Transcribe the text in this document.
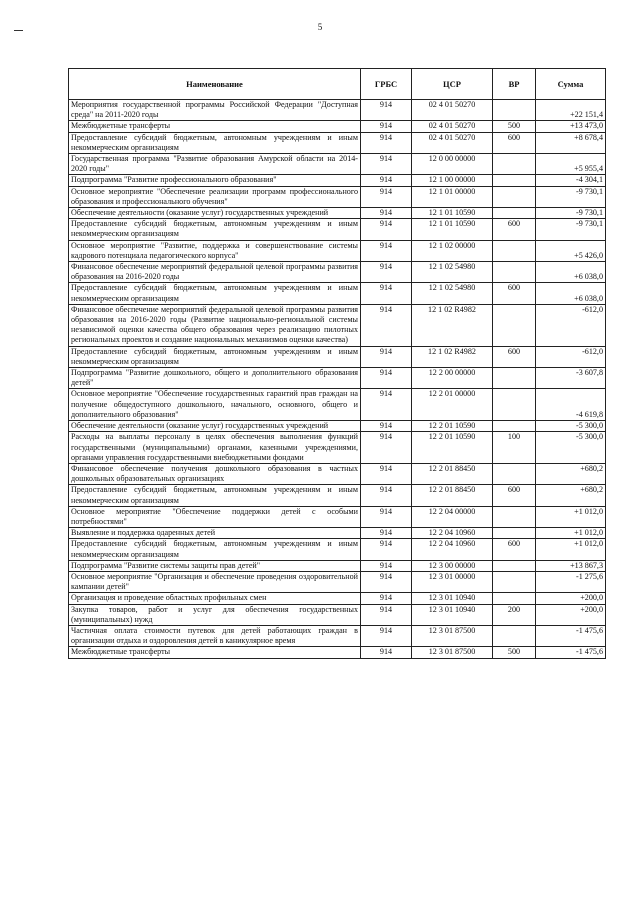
5
Наименование	ГРБС	ЦСР	ВР	Сумма
Мероприятия государственной программы Российской Федерации "Доступная среда" на 2011-2020 годы	914	02 4 01 50270		+22 151,4
Межбюджетные трансферты	914	02 4 01 50270	500	+13 473,0
Предоставление субсидий бюджетным, автономным учреждениям и иным некоммерческим организациям	914	02 4 01 50270	600	+8 678,4
Государственная программа "Развитие образования Амурской области на 2014-2020 годы"	914	12 0 00 00000		+5 955,4
Подпрограмма "Развитие профессионального образования"	914	12 1 00 00000		-4 304,1
Основное мероприятие "Обеспечение реализации программ профессионального образования и профессионального обучения"	914	12 1 01 00000		-9 730,1
Обеспечение деятельности (оказание услуг) государственных учреждений	914	12 1 01 10590		-9 730,1
Предоставление субсидий бюджетным, автономным учреждениям и иным некоммерческим организациям	914	12 1 01 10590	600	-9 730,1
Основное мероприятие "Развитие, поддержка и совершенствование системы кадрового потенциала педагогического корпуса"	914	12 1 02 00000		+5 426,0
Финансовое обеспечение мероприятий федеральной целевой программы развития образования на 2016-2020 годы	914	12 1 02 54980		+6 038,0
Предоставление субсидий бюджетным, автономным учреждениям и иным некоммерческим организациям	914	12 1 02 54980	600	+6 038,0
Финансовое обеспечение мероприятий федеральной целевой программы развития образования на 2016-2020 годы (Развитие национально-региональной системы независимой оценки качества общего образования через реализацию пилотных региональных проектов и создание национальных механизмов оценки качества)	914	12 1 02 R4982		-612,0
Предоставление субсидий бюджетным, автономным учреждениям и иным некоммерческим организациям	914	12 1 02 R4982	600	-612,0
Подпрограмма "Развитие дошкольного, общего и дополнительного образования детей"	914	12 2 00 00000		-3 607,8
Основное мероприятие "Обеспечение государственных гарантий прав граждан на получение общедоступного дошкольного, начального, основного, общего и дополнительного образования"	914	12 2 01 00000		-4 619,8
Обеспечение деятельности (оказание услуг) государственных учреждений	914	12 2 01 10590		-5 300,0
Расходы на выплаты персоналу в целях обеспечения выполнения функций государственными (муниципальными) органами, казенными учреждениями, органами управления государственными внебюджетными фондами	914	12 2 01 10590	100	-5 300,0
Финансовое обеспечение получения дошкольного образования в частных дошкольных образовательных организациях	914	12 2 01 88450		+680,2
Предоставление субсидий бюджетным, автономным учреждениям и иным некоммерческим организациям	914	12 2 01 88450	600	+680,2
Основное мероприятие "Обеспечение поддержки детей с особыми потребностями"	914	12 2 04 00000		+1 012,0
Выявление и поддержка одаренных детей	914	12 2 04 10960		+1 012,0
Предоставление субсидий бюджетным, автономным учреждениям и иным некоммерческим организациям	914	12 2 04 10960	600	+1 012,0
Подпрограмма "Развитие системы защиты прав детей"	914	12 3 00 00000		+13 867,3
Основное мероприятие "Организация и обеспечение проведения оздоровительной кампании детей"	914	12 3 01 00000		-1 275,6
Организация и проведение областных профильных смен	914	12 3 01 10940		+200,0
Закупка товаров, работ и услуг для обеспечения государственных (муниципальных) нужд	914	12 3 01 10940	200	+200,0
Частичная оплата стоимости путевок для детей работающих граждан в организации отдыха и оздоровления детей в каникулярное время	914	12 3 01 87500		-1 475,6
Межбюджетные трансферты	914	12 3 01 87500	500	-1 475,6
